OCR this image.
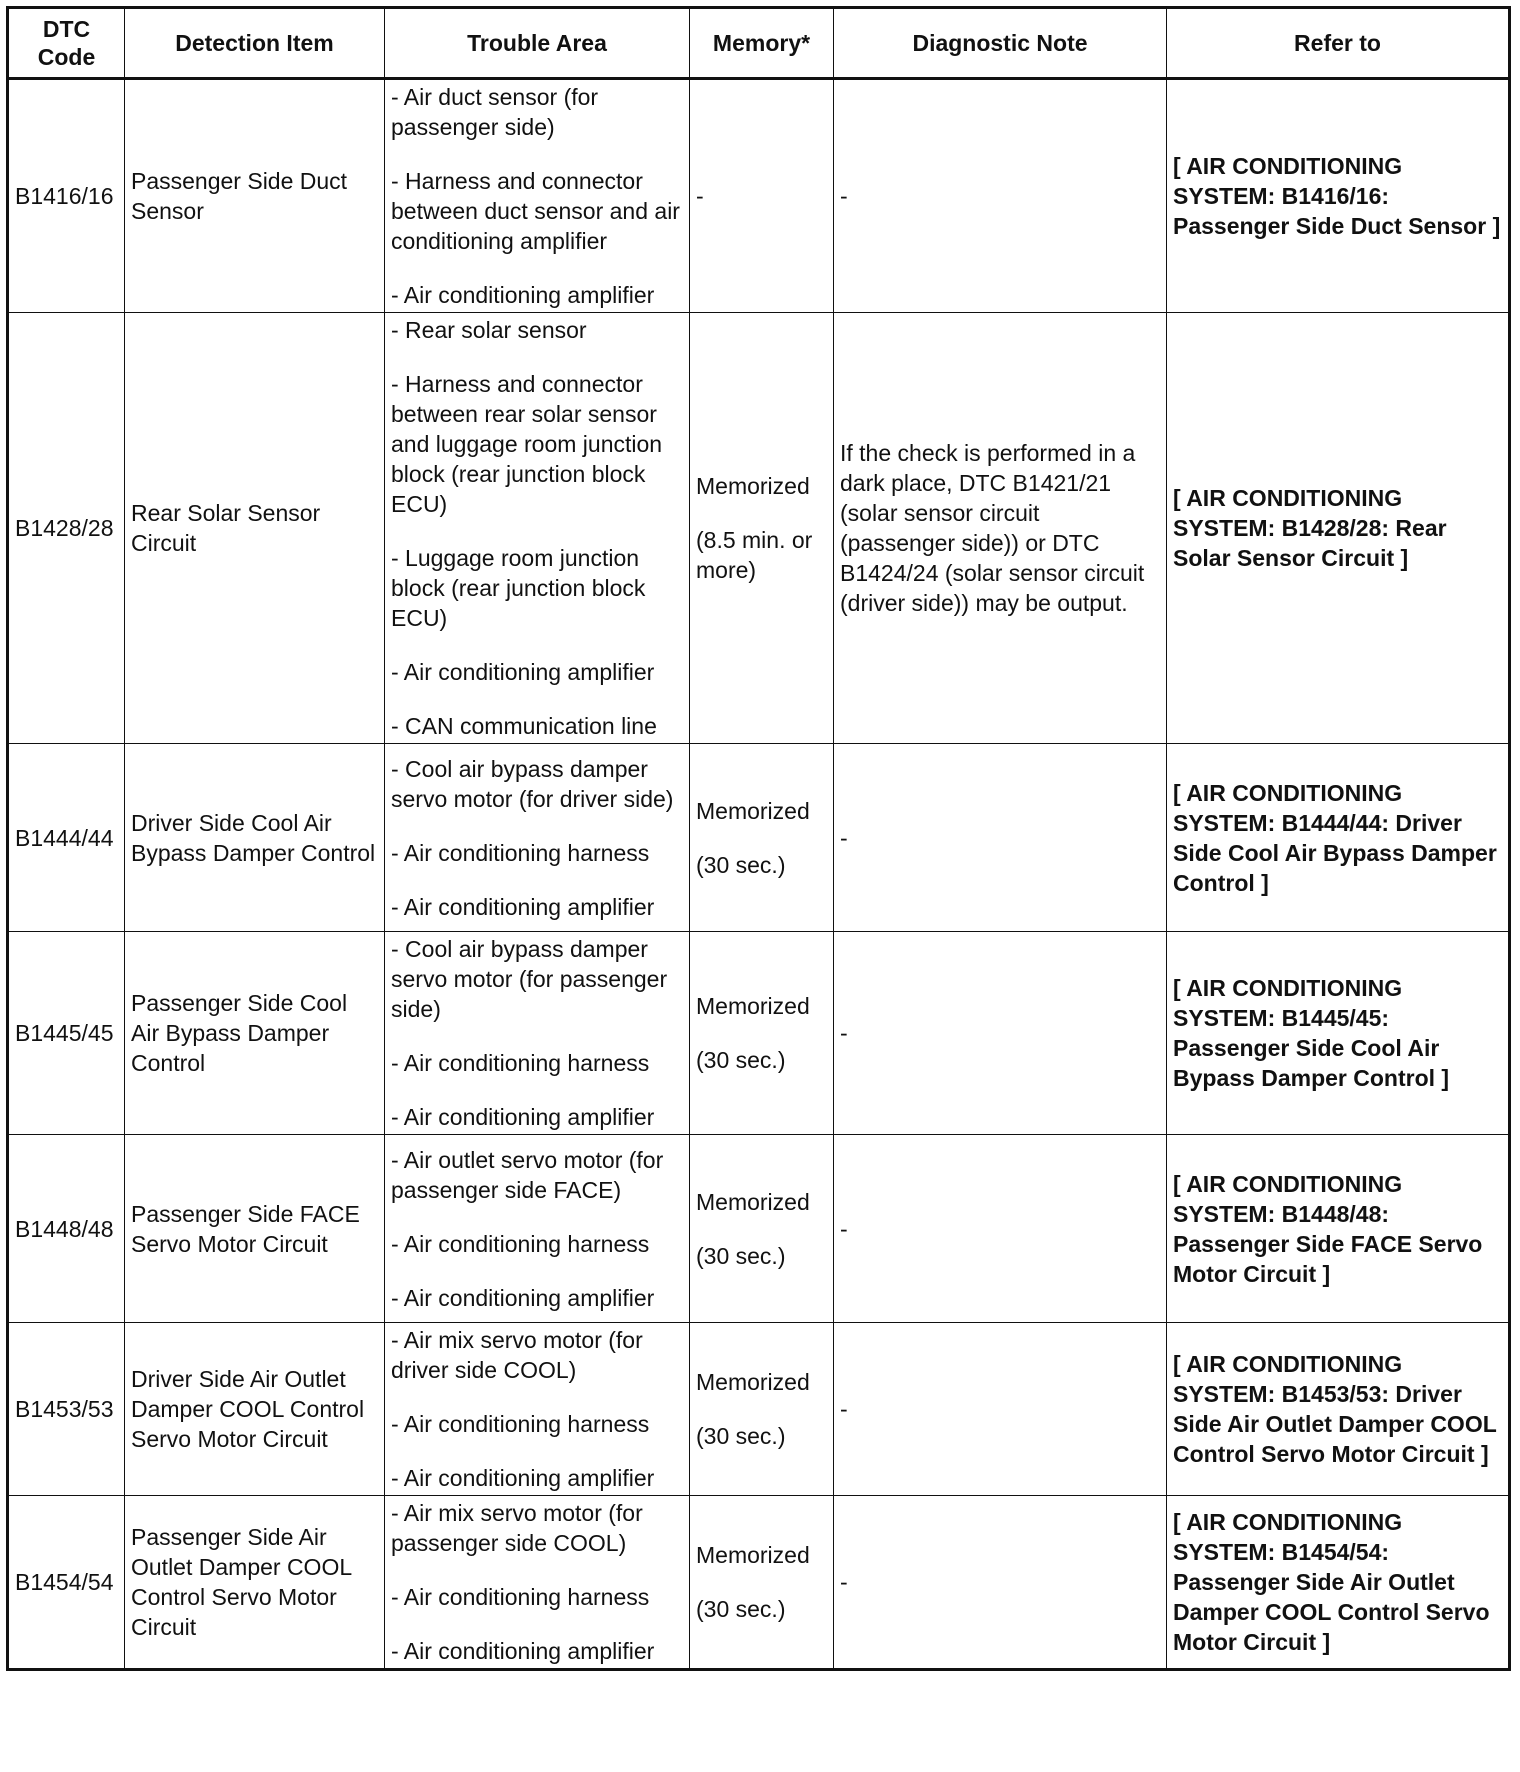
DTC Code	Detection Item	Trouble Area	Memory*	Diagnostic Note	Refer to
B1416/16	Passenger Side Duct Sensor	- Air duct sensor (for passenger side)
- Harness and connector between duct sensor and air conditioning amplifier
- Air conditioning amplifier	-	-	[ AIR CONDITIONING SYSTEM: B1416/16: Passenger Side Duct Sensor ]
B1428/28	Rear Solar Sensor Circuit	- Rear solar sensor
- Harness and connector between rear solar sensor and luggage room junction block (rear junction block ECU)
- Luggage room junction block (rear junction block ECU)
- Air conditioning amplifier
- CAN communication line	Memorized
(8.5 min. or more)	If the check is performed in a dark place, DTC B1421/21 (solar sensor circuit (passenger side)) or DTC B1424/24 (solar sensor circuit (driver side)) may be output.	[ AIR CONDITIONING SYSTEM: B1428/28: Rear Solar Sensor Circuit ]
B1444/44	Driver Side Cool Air Bypass Damper Control	- Cool air bypass damper servo motor (for driver side)
- Air conditioning harness
- Air conditioning amplifier	Memorized
(30 sec.)	-	[ AIR CONDITIONING SYSTEM: B1444/44: Driver Side Cool Air Bypass Damper Control ]
B1445/45	Passenger Side Cool Air Bypass Damper Control	- Cool air bypass damper servo motor (for passenger side)
- Air conditioning harness
- Air conditioning amplifier	Memorized
(30 sec.)	-	[ AIR CONDITIONING SYSTEM: B1445/45: Passenger Side Cool Air Bypass Damper Control ]
B1448/48	Passenger Side FACE Servo Motor Circuit	- Air outlet servo motor (for passenger side FACE)
- Air conditioning harness
- Air conditioning amplifier	Memorized
(30 sec.)	-	[ AIR CONDITIONING SYSTEM: B1448/48: Passenger Side FACE Servo Motor Circuit ]
B1453/53	Driver Side Air Outlet Damper COOL Control Servo Motor Circuit	- Air mix servo motor (for driver side COOL)
- Air conditioning harness
- Air conditioning amplifier	Memorized
(30 sec.)	-	[ AIR CONDITIONING SYSTEM: B1453/53: Driver Side Air Outlet Damper COOL Control Servo Motor Circuit ]
B1454/54	Passenger Side Air Outlet Damper COOL Control Servo Motor Circuit	- Air mix servo motor (for passenger side COOL)
- Air conditioning harness
- Air conditioning amplifier	Memorized
(30 sec.)	-	[ AIR CONDITIONING SYSTEM: B1454/54: Passenger Side Air Outlet Damper COOL Control Servo Motor Circuit ]
